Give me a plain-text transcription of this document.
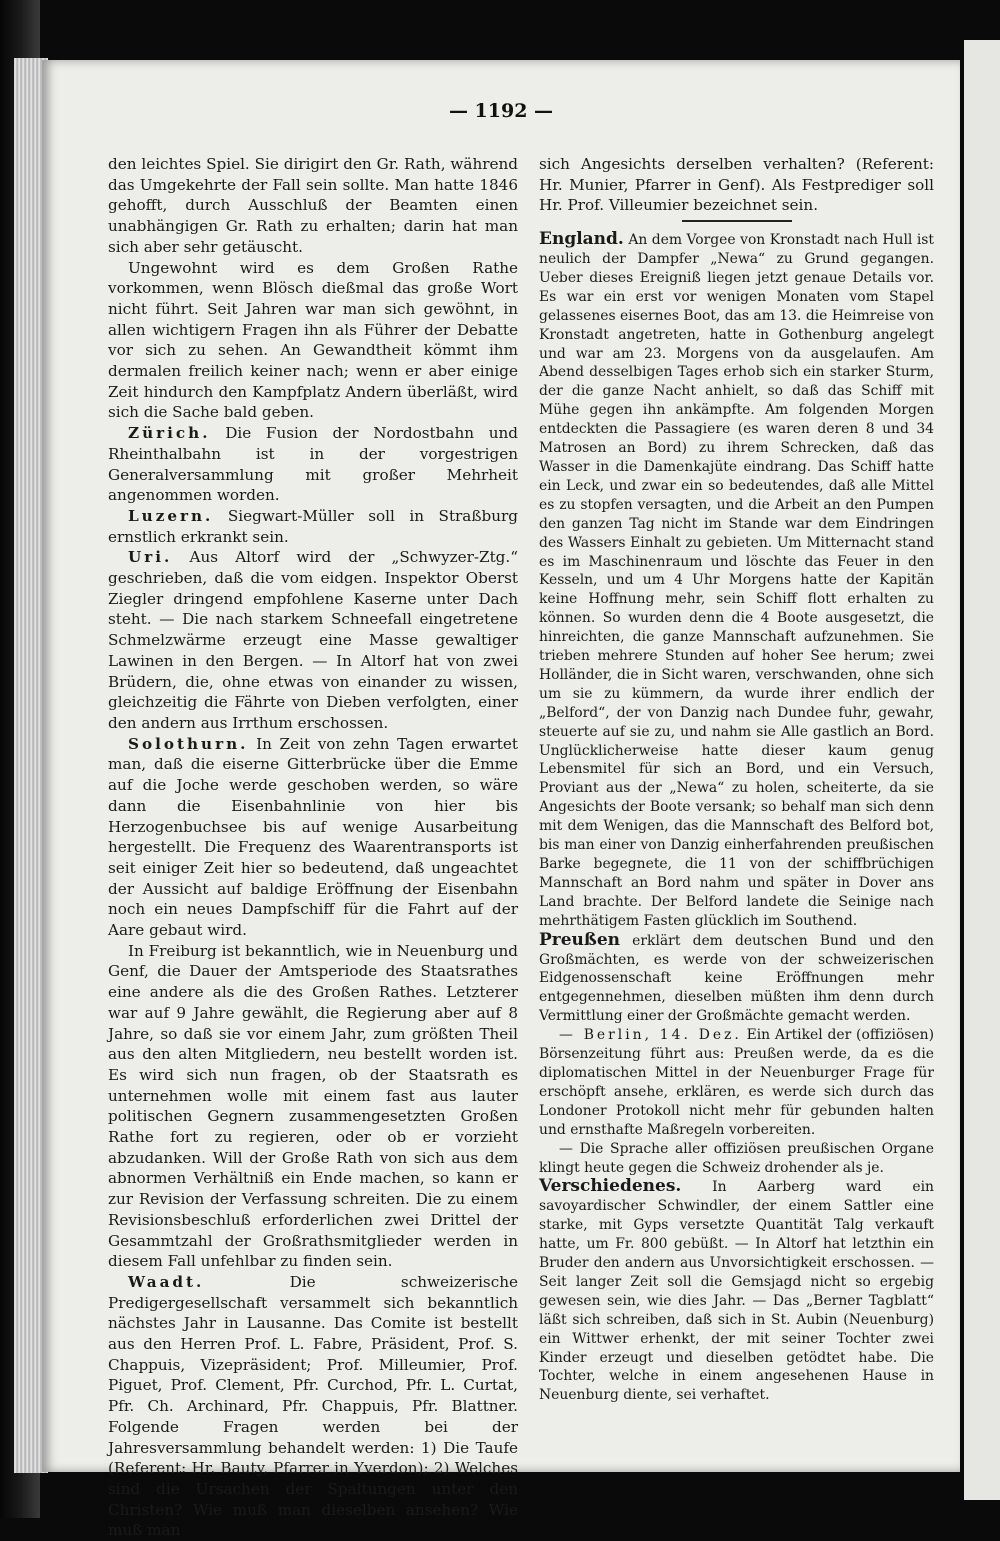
— 1192 —

den leichtes Spiel. Sie dirigirt den Gr. Rath, während das Umgekehrte der Fall sein sollte. Man hatte 1846 gehofft, durch Ausschluß der Beamten einen unabhängigen Gr. Rath zu erhalten; darin hat man sich aber sehr getäuscht.

Ungewohnt wird es dem Großen Rathe vorkommen, wenn Blösch dießmal das große Wort nicht führt. Seit Jahren war man sich gewöhnt, in allen wichtigern Fragen ihn als Führer der Debatte vor sich zu sehen. An Gewandtheit kömmt ihm dermalen freilich keiner nach; wenn er aber einige Zeit hindurch den Kampfplatz Andern überläßt, wird sich die Sache bald geben.

Zürich. Die Fusion der Nordostbahn und Rheinthalbahn ist in der vorgestrigen Generalversammlung mit großer Mehrheit angenommen worden.

Luzern. Siegwart-Müller soll in Straßburg ernstlich erkrankt sein.

Uri. Aus Altorf wird der „Schwyzer-Ztg.“ geschrieben, daß die vom eidgen. Inspektor Oberst Ziegler dringend empfohlene Kaserne unter Dach steht. — Die nach starkem Schneefall eingetretene Schmelzwärme erzeugt eine Masse gewaltiger Lawinen in den Bergen. — In Altorf hat von zwei Brüdern, die, ohne etwas von einander zu wissen, gleichzeitig die Fährte von Dieben verfolgten, einer den andern aus Irrthum erschossen.

Solothurn. In Zeit von zehn Tagen erwartet man, daß die eiserne Gitterbrücke über die Emme auf die Joche werde geschoben werden, so wäre dann die Eisenbahnlinie von hier bis Herzogenbuchsee bis auf wenige Ausarbeitung hergestellt. Die Frequenz des Waarentransports ist seit einiger Zeit hier so bedeutend, daß ungeachtet der Aussicht auf baldige Eröffnung der Eisenbahn noch ein neues Dampfschiff für die Fahrt auf der Aare gebaut wird.

In Freiburg ist bekanntlich, wie in Neuenburg und Genf, die Dauer der Amtsperiode des Staatsrathes eine andere als die des Großen Rathes. Letzterer war auf 9 Jahre gewählt, die Regierung aber auf 8 Jahre, so daß sie vor einem Jahr, zum größten Theil aus den alten Mitgliedern, neu bestellt worden ist. Es wird sich nun fragen, ob der Staatsrath es unternehmen wolle mit einem fast aus lauter politischen Gegnern zusammengesetzten Großen Rathe fort zu regieren, oder ob er vorzieht abzudanken. Will der Große Rath von sich aus dem abnormen Verhältniß ein Ende machen, so kann er zur Revision der Verfassung schreiten. Die zu einem Revisionsbeschluß erforderlichen zwei Drittel der Gesammtzahl der Großrathsmitglieder werden in diesem Fall unfehlbar zu finden sein.

Waadt. Die schweizerische Predigergesellschaft versammelt sich bekanntlich nächstes Jahr in Lausanne. Das Comite ist bestellt aus den Herren Prof. L. Fabre, Präsident, Prof. S. Chappuis, Vizepräsident; Prof. Milleumier, Prof. Piguet, Prof. Clement, Pfr. Curchod, Pfr. L. Curtat, Pfr. Ch. Archinard, Pfr. Chappuis, Pfr. Blattner. Folgende Fragen werden bei der Jahresversammlung behandelt werden: 1) Die Taufe (Referent: Hr. Bauty, Pfarrer in Yverdon); 2) Welches sind die Ursachen der Spaltungen unter den Christen? Wie muß man dieselben ansehen? Wie muß man

sich Angesichts derselben verhalten? (Referent: Hr. Munier, Pfarrer in Genf). Als Festprediger soll Hr. Prof. Villeumier bezeichnet sein.

England. An dem Vorgee von Kronstadt nach Hull ist neulich der Dampfer „Newa“ zu Grund gegangen. Ueber dieses Ereigniß liegen jetzt genaue Details vor. Es war ein erst vor wenigen Monaten vom Stapel gelassenes eisernes Boot, das am 13. die Heimreise von Kronstadt angetreten, hatte in Gothenburg angelegt und war am 23. Morgens von da ausgelaufen. Am Abend desselbigen Tages erhob sich ein starker Sturm, der die ganze Nacht anhielt, so daß das Schiff mit Mühe gegen ihn ankämpfte. Am folgenden Morgen entdeckten die Passagiere (es waren deren 8 und 34 Matrosen an Bord) zu ihrem Schrecken, daß das Wasser in die Damenkajüte eindrang. Das Schiff hatte ein Leck, und zwar ein so bedeutendes, daß alle Mittel es zu stopfen versagten, und die Arbeit an den Pumpen den ganzen Tag nicht im Stande war dem Eindringen des Wassers Einhalt zu gebieten. Um Mitternacht stand es im Maschinenraum und löschte das Feuer in den Kesseln, und um 4 Uhr Morgens hatte der Kapitän keine Hoffnung mehr, sein Schiff flott erhalten zu können. So wurden denn die 4 Boote ausgesetzt, die hinreichten, die ganze Mannschaft aufzunehmen. Sie trieben mehrere Stunden auf hoher See herum; zwei Holländer, die in Sicht waren, verschwanden, ohne sich um sie zu kümmern, da wurde ihrer endlich der „Belford“, der von Danzig nach Dundee fuhr, gewahr, steuerte auf sie zu, und nahm sie Alle gastlich an Bord. Unglücklicherweise hatte dieser kaum genug Lebensmitel für sich an Bord, und ein Versuch, Proviant aus der „Newa“ zu holen, scheiterte, da sie Angesichts der Boote versank; so behalf man sich denn mit dem Wenigen, das die Mannschaft des Belford bot, bis man einer von Danzig einherfahrenden preußischen Barke begegnete, die 11 von der schiffbrüchigen Mannschaft an Bord nahm und später in Dover ans Land brachte. Der Belford landete die Seinige nach mehrthätigem Fasten glücklich im Southend.

Preußen erklärt dem deutschen Bund und den Großmächten, es werde von der schweizerischen Eidgenossenschaft keine Eröffnungen mehr entgegennehmen, dieselben müßten ihm denn durch Vermittlung einer der Großmächte gemacht werden.

— Berlin, 14. Dez. Ein Artikel der (offiziösen) Börsenzeitung führt aus: Preußen werde, da es die diplomatischen Mittel in der Neuenburger Frage für erschöpft ansehe, erklären, es werde sich durch das Londoner Protokoll nicht mehr für gebunden halten und ernsthafte Maßregeln vorbereiten.

— Die Sprache aller offiziösen preußischen Organe klingt heute gegen die Schweiz drohender als je.

Verschiedenes. In Aarberg ward ein savoyardischer Schwindler, der einem Sattler eine starke, mit Gyps versetzte Quantität Talg verkauft hatte, um Fr. 800 gebüßt. — In Altorf hat letzthin ein Bruder den andern aus Unvorsichtigkeit erschossen. — Seit langer Zeit soll die Gemsjagd nicht so ergebig gewesen sein, wie dies Jahr. — Das „Berner Tagblatt“ läßt sich schreiben, daß sich in St. Aubin (Neuenburg) ein Wittwer erhenkt, der mit seiner Tochter zwei Kinder erzeugt und dieselben getödtet habe. Die Tochter, welche in einem angesehenen Hause in Neuenburg diente, sei verhaftet.
